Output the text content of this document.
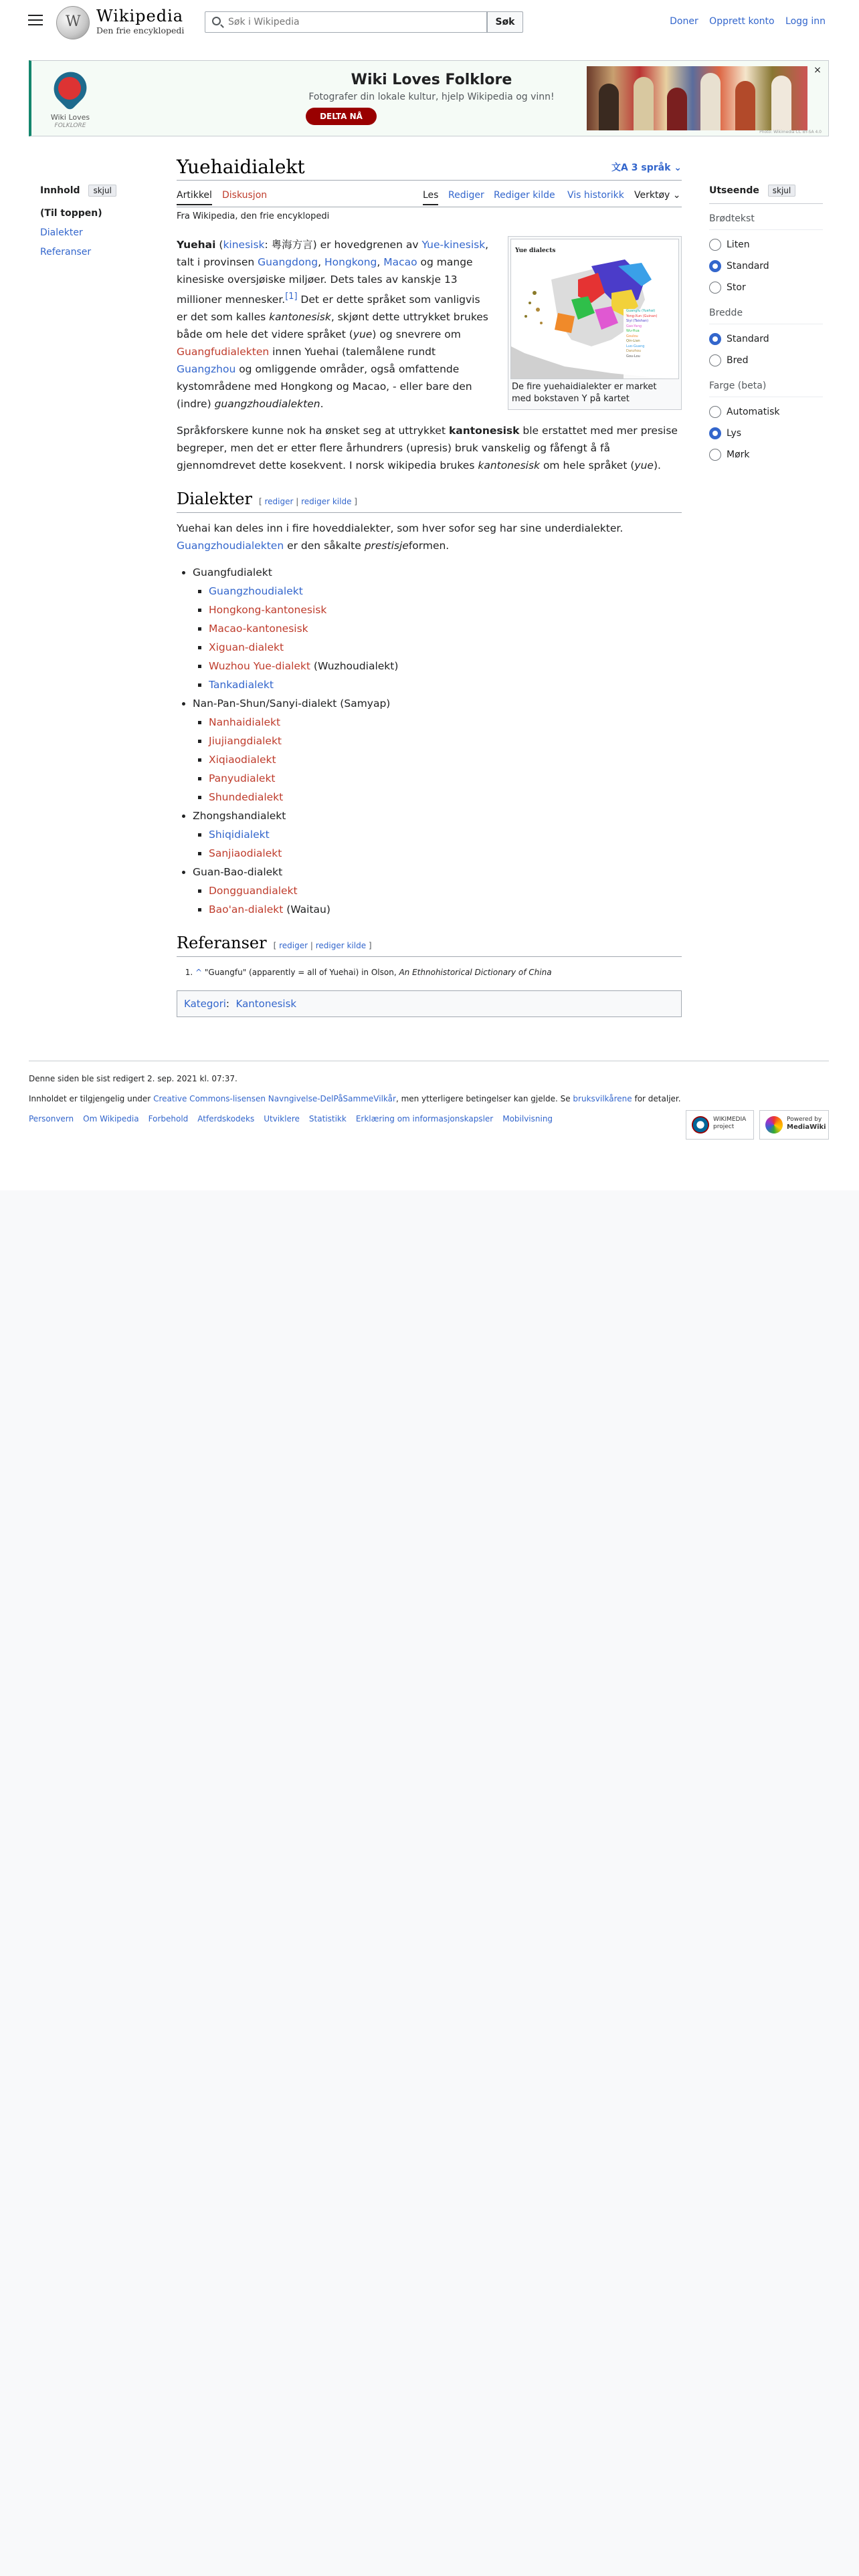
W
Wikipedia
Den frie encyklopedi
Søk i Wikipedia
Søk	Doner Opprett konto Logg inn
Wiki Loves
FOLKLORE
Wiki Loves Folklore
Fotografer din lokale kultur, hjelp Wikipedia og vinn!
DELTA NÅ
×
Photo: Wikimedia CC BY-SA 4.0
Innhold skjul
(Til toppen)
Dialekter
Referanser
Yuehaidialekt	文A 3 språk ⌄
Artikkel Diskusjon	Les Rediger Rediger kilde Vis historikk Verktøy ⌄
Fra Wikipedia, den frie encyklopedi
Yue dialects
Guangfu (Yuehai)
Yong-Xun (Guinan)
Siyi (Taishan)
Gao-Yang
Wu-Hua
Goulou
Qin-Lian
Luo-Guang
Danzhou
Gou-Lou
De fire yuehaidialekter er market med bokstaven Y på kartet

Yuehai (kinesisk: 粵海方言) er hovedgrenen av Yue-kinesisk, talt i provinsen Guangdong, Hongkong, Macao og mange kinesiske oversjøiske miljøer. Dets tales av kanskje 13 millioner mennesker.[1] Det er dette språket som vanligvis er det som kalles kantonesisk, skjønt dette uttrykket brukes både om hele det videre språket (yue) og snevrere om Guangfudialekten innen Yuehai (talemålene rundt Guangzhou og omliggende områder, også omfattende kystområdene med Hongkong og Macao, - eller bare den (indre) guangzhoudialekten.

Språkforskere kunne nok ha ønsket seg at uttrykket kantonesisk ble erstattet med mer presise begreper, men det er etter flere århundrers (upresis) bruk vanskelig og fåfengt å få gjennomdrevet dette kosekvent. I norsk wikipedia brukes kantonesisk om hele språket (yue).

Dialekter [ rediger | rediger kilde ]

Yuehai kan deles inn i fire hoveddialekter, som hver sofor seg har sine underdialekter. Guangzhoudialekten er den såkalte prestisjeformen.

• Guangfudialekt
▪ Guangzhoudialekt
▪ Hongkong-kantonesisk
▪ Macao-kantonesisk
▪ Xiguan-dialekt
▪ Wuzhou Yue-dialekt (Wuzhoudialekt)
▪ Tankadialekt
• Nan-Pan-Shun/Sanyi-dialekt (Samyap)
▪ Nanhaidialekt
▪ Jiujiangdialekt
▪ Xiqiaodialekt
▪ Panyudialekt
▪ Shundedialekt
• Zhongshandialekt
▪ Shiqidialekt
▪ Sanjiaodialekt
• Guan-Bao-dialekt
▪ Dongguandialekt
▪ Bao'an-dialekt (Waitau)
Referanser [ rediger | rediger kilde ]
1. ^ "Guangfu" (apparently = all of Yuehai) in Olson, An Ethnohistorical Dictionary of China
Kategori:  Kantonesisk
Utseende skjul
Brødtekst
Liten
Standard
Stor
Bredde
Standard
Bred
Farge (beta)
Automatisk
Lys
Mørk

Denne siden ble sist redigert 2. sep. 2021 kl. 07:37.

Innholdet er tilgjengelig under Creative Commons-lisensen Navngivelse-DelPåSammeVilkår, men ytterligere betingelser kan gjelde. Se bruksvilkårene for detaljer.

Personvern Om Wikipedia Forbehold Atferdskodeks Utviklere Statistikk Erklæring om informasjonskapsler Mobilvisning	WIKIMEDIA project
Powered by
MediaWiki
